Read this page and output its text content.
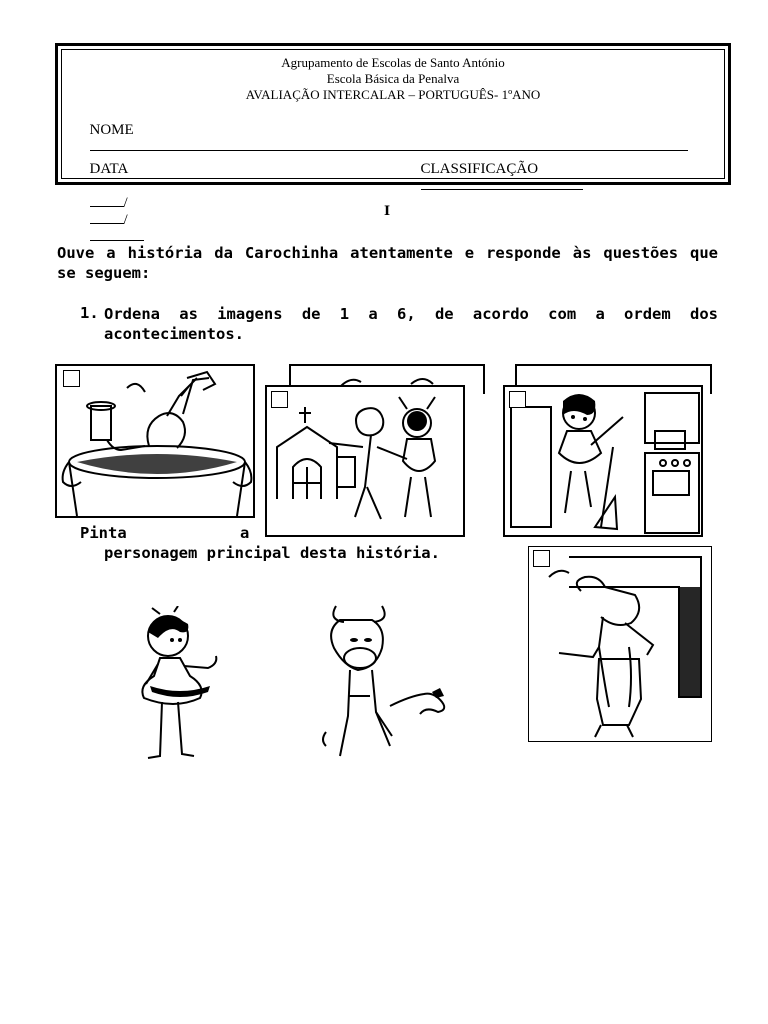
Agrupamento de Escolas de Santo António
Escola Básica da Penalva
AVALIAÇÃO INTERCALAR – PORTUGUÊS- 1ºANO

NOME

DATA

/
/

CLASSIFICAÇÃO

I
Ouve a história da Carochinha atentamente e responde às questões que se seguem:
1. Ordena as imagens de 1 a 6, de acordo com a ordem dos acontecimentos.
Pinta	a
personagem principal desta história.
